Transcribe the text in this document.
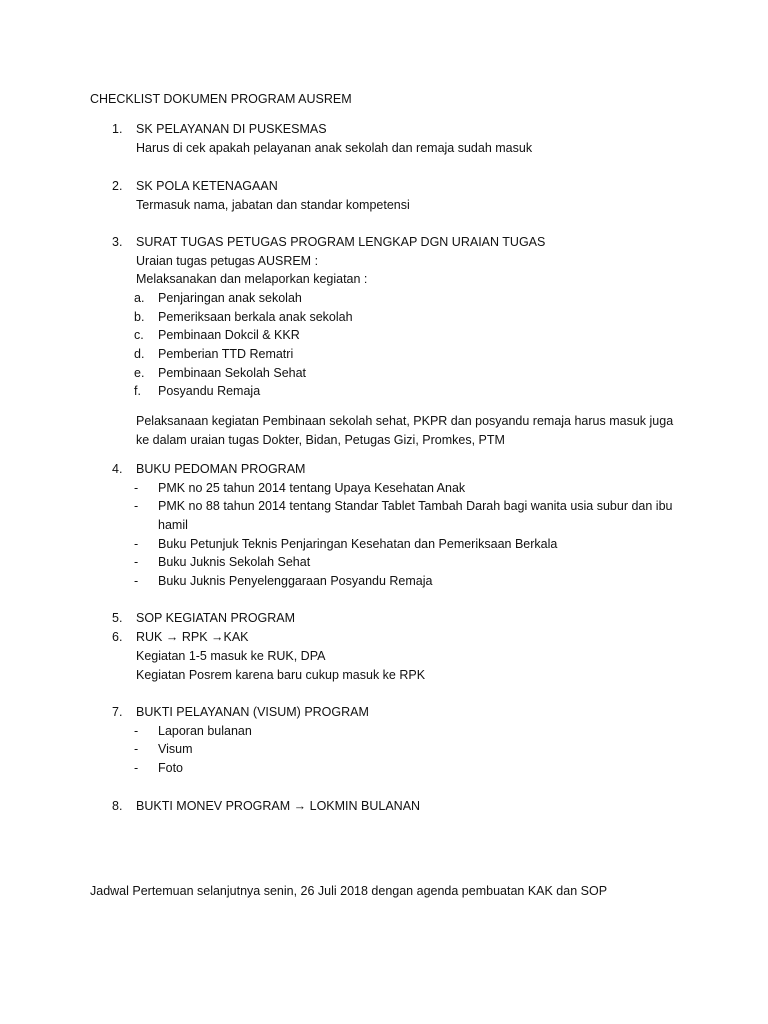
CHECKLIST DOKUMEN PROGRAM AUSREM
1. SK PELAYANAN DI PUSKESMAS
Harus di cek apakah pelayanan anak sekolah dan remaja sudah masuk
2. SK POLA KETENAGAAN
Termasuk nama, jabatan dan standar kompetensi
3. SURAT TUGAS PETUGAS PROGRAM LENGKAP DGN URAIAN TUGAS
Uraian tugas petugas AUSREM :
Melaksanakan dan melaporkan kegiatan :
a. Penjaringan anak sekolah
b. Pemeriksaan berkala anak sekolah
c. Pembinaan Dokcil & KKR
d. Pemberian TTD Rematri
e. Pembinaan Sekolah Sehat
f. Posyandu Remaja
Pelaksanaan kegiatan Pembinaan sekolah sehat, PKPR dan posyandu remaja harus masuk juga
ke dalam uraian tugas Dokter, Bidan, Petugas Gizi, Promkes, PTM
4. BUKU PEDOMAN PROGRAM
- PMK no 25 tahun 2014 tentang Upaya Kesehatan Anak
- PMK no 88 tahun 2014 tentang Standar Tablet Tambah Darah bagi wanita usia subur dan ibu
hamil
- Buku Petunjuk Teknis Penjaringan Kesehatan dan Pemeriksaan Berkala
- Buku Juknis Sekolah Sehat
- Buku Juknis Penyelenggaraan Posyandu Remaja
5. SOP KEGIATAN PROGRAM
6. RUK → RPK →KAK
Kegiatan 1-5 masuk ke RUK, DPA
Kegiatan Posrem karena baru cukup masuk ke RPK
7. BUKTI PELAYANAN (VISUM) PROGRAM
- Laporan bulanan
- Visum
- Foto
8. BUKTI MONEV PROGRAM → LOKMIN BULANAN
Jadwal Pertemuan selanjutnya senin, 26 Juli 2018 dengan agenda pembuatan KAK dan SOP
